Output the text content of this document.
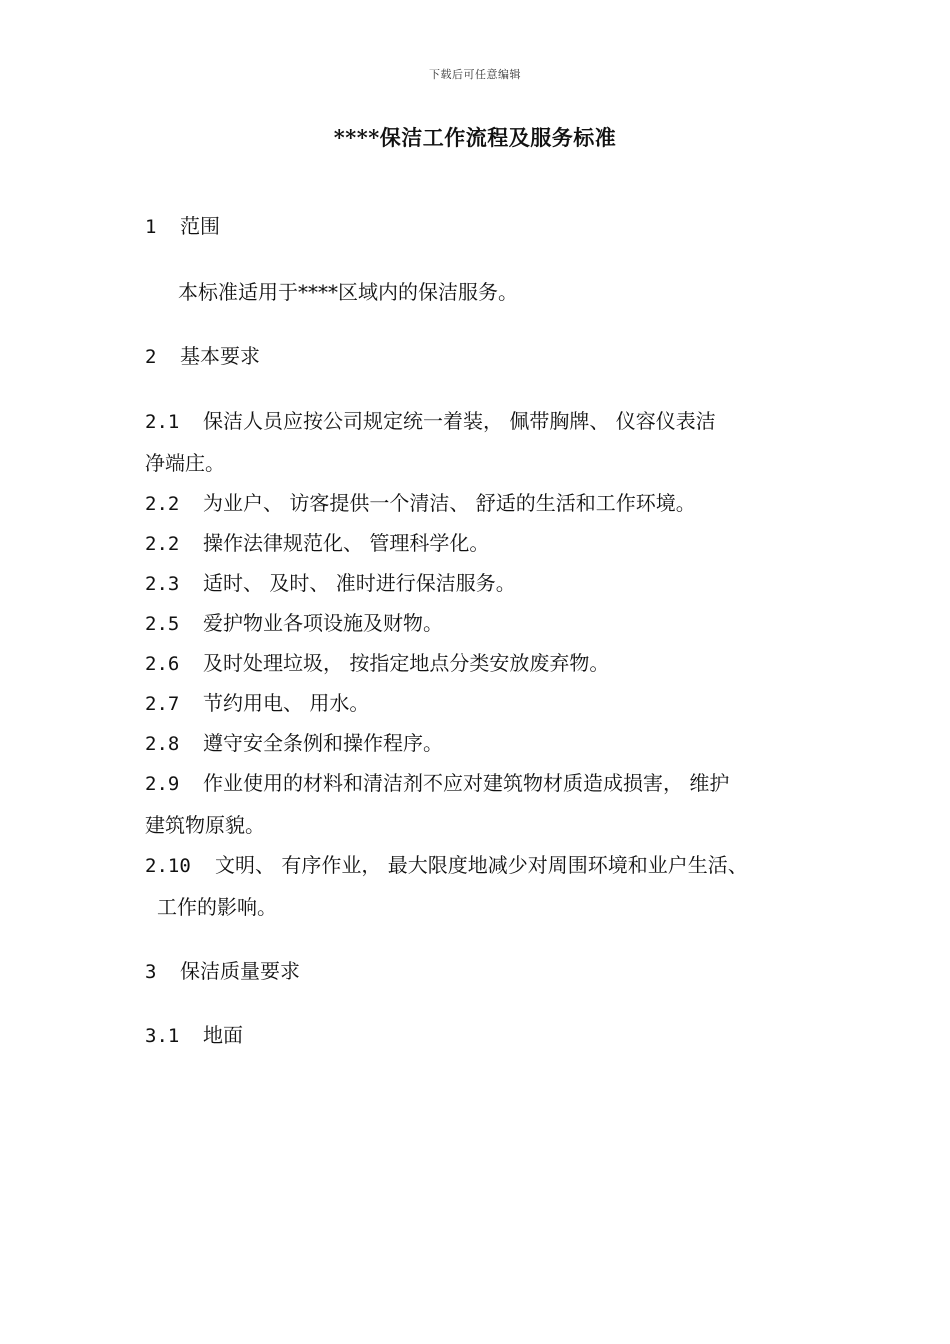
下载后可任意编辑
****保洁工作流程及服务标准
1 范围
本标准适用于****区域内的保洁服务。
2 基本要求
2.1 保洁人员应按公司规定统一着装， 佩带胸牌、 仪容仪表洁
净端庄。
2.2 为业户、 访客提供一个清洁、 舒适的生活和工作环境。
2.2 操作法律规范化、 管理科学化。
2.3 适时、 及时、 准时进行保洁服务。
2.5 爱护物业各项设施及财物。
2.6 及时处理垃圾， 按指定地点分类安放废弃物。
2.7 节约用电、 用水。
2.8 遵守安全条例和操作程序。
2.9 作业使用的材料和清洁剂不应对建筑物材质造成损害， 维护
建筑物原貌。
2.10 文明、 有序作业， 最大限度地减少对周围环境和业户生活、
工作的影响。
3 保洁质量要求
3.1 地面
